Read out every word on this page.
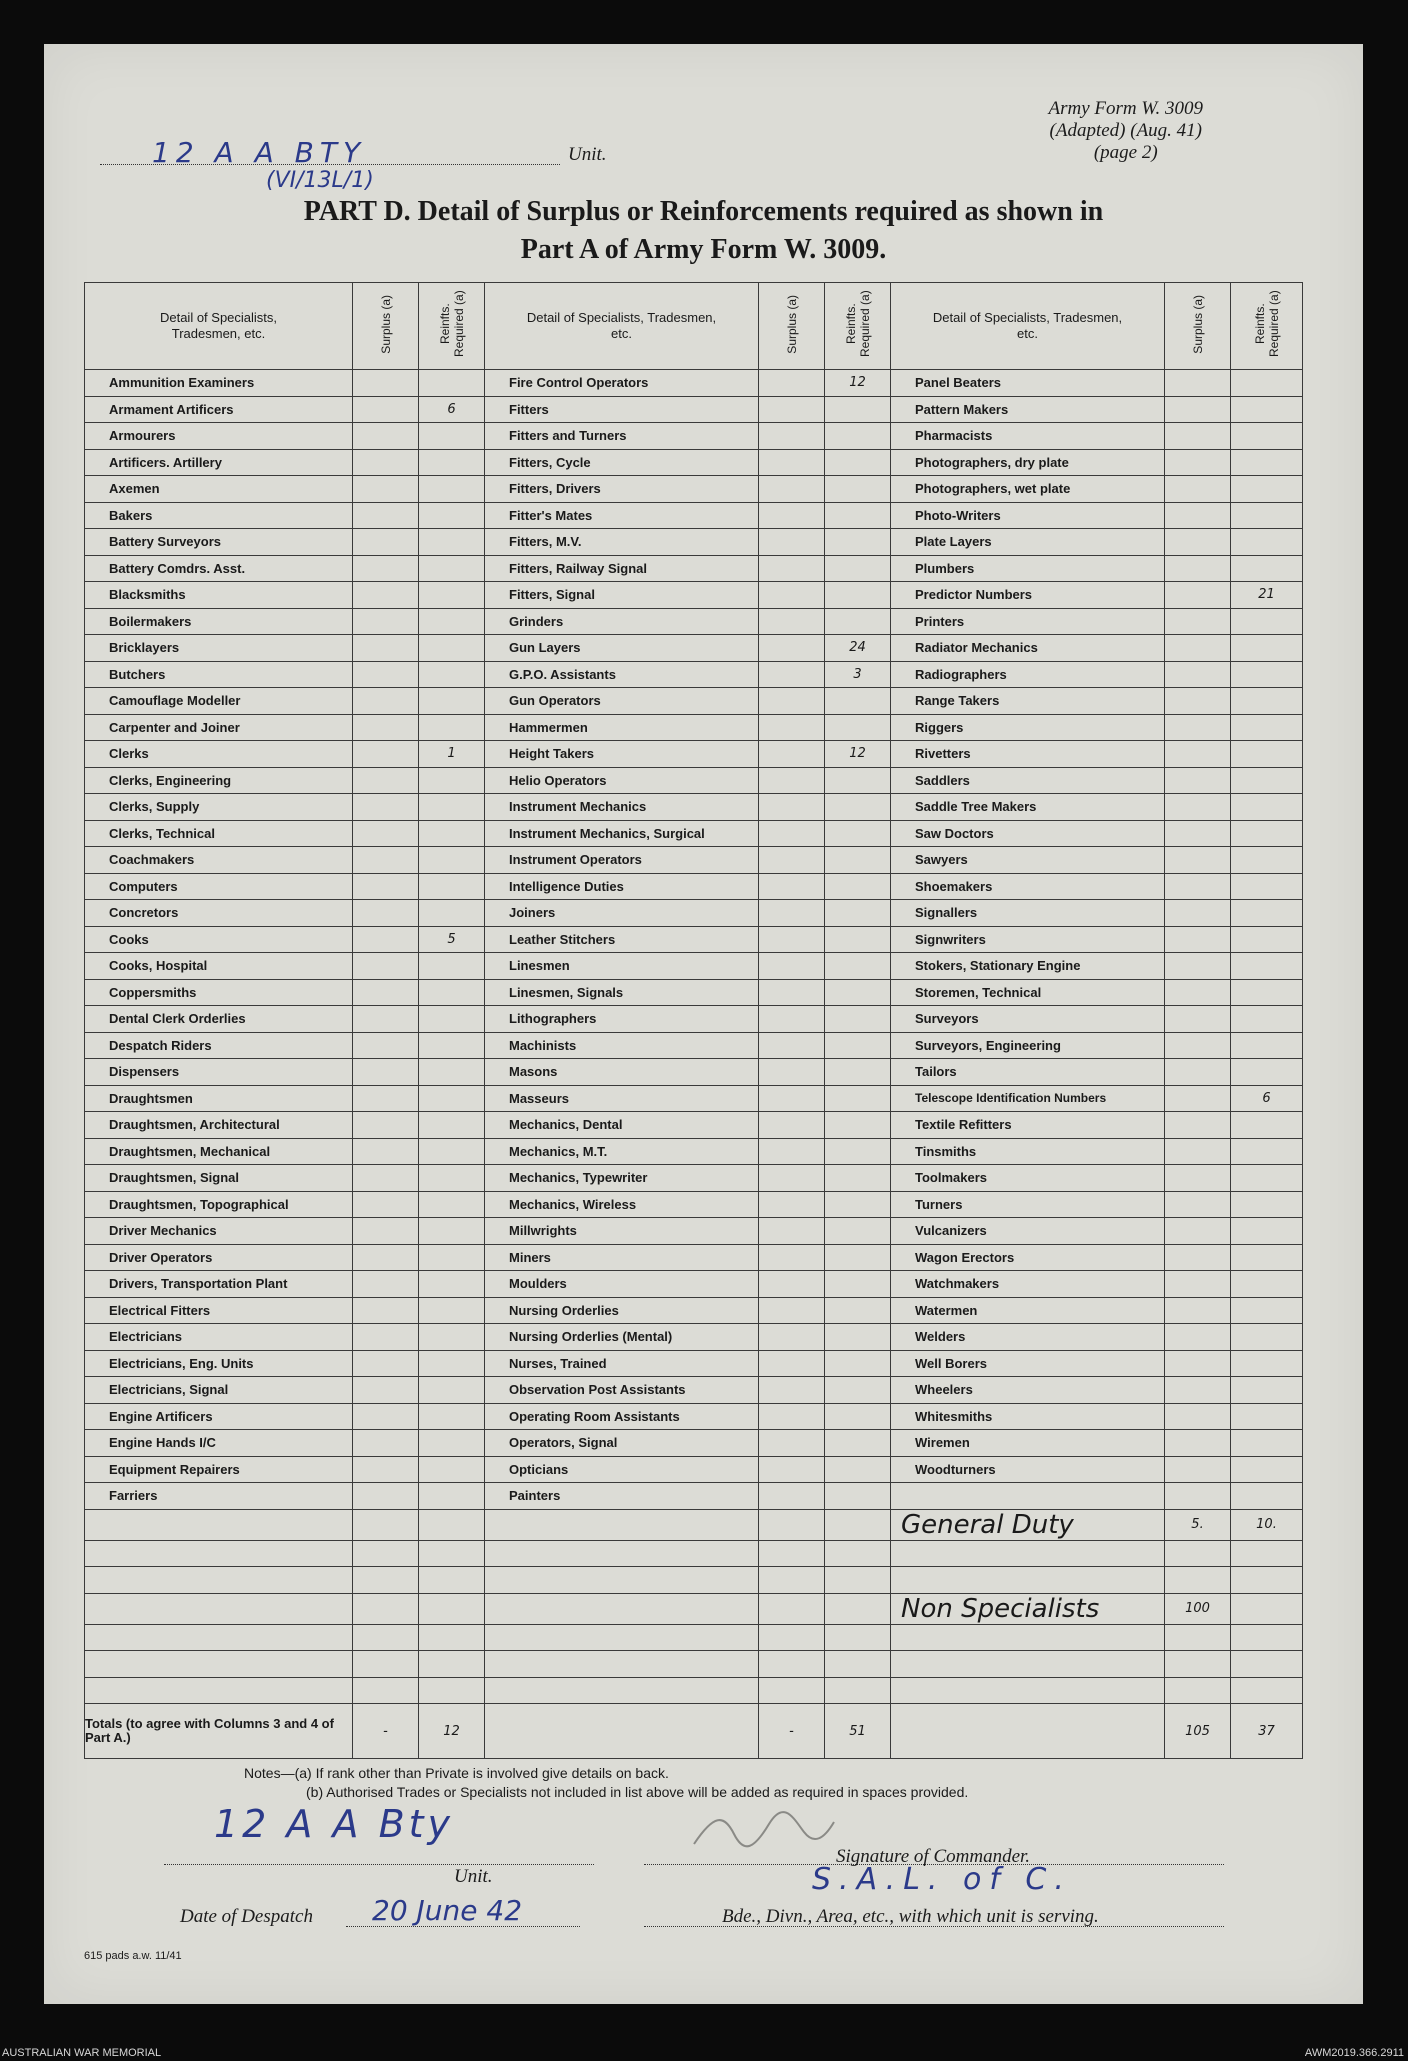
Army Form W. 3009
(Adapted) (Aug. 41)
(page 2)
12 A A BTY
(VI/13L/1)
Unit.
PART D. Detail of Surplus or Reinforcements required as shown in
Part A of Army Form W. 3009.
Detail of Specialists, Tradesmen, etc.	Surplus (a)	Reinfts. Required (a)	Detail of Specialists, Tradesmen, etc.	Surplus (a)	Reinfts. Required (a)	Detail of Specialists, Tradesmen, etc.	Surplus (a)	Reinfts. Required (a)
Ammunition Examiners			Fire Control Operators		12	Panel Beaters		
Armament Artificers		6	Fitters			Pattern Makers		
Armourers			Fitters and Turners			Pharmacists		
Artificers. Artillery			Fitters, Cycle			Photographers, dry plate		
Axemen			Fitters, Drivers			Photographers, wet plate		
Bakers			Fitter's Mates			Photo-Writers		
Battery Surveyors			Fitters, M.V.			Plate Layers		
Battery Comdrs. Asst.			Fitters, Railway Signal			Plumbers		
Blacksmiths			Fitters, Signal			Predictor Numbers		21
Boilermakers			Grinders			Printers		
Bricklayers			Gun Layers		24	Radiator Mechanics		
Butchers			G.P.O. Assistants		3	Radiographers		
Camouflage Modeller			Gun Operators			Range Takers		
Carpenter and Joiner			Hammermen			Riggers		
Clerks		1	Height Takers		12	Rivetters		
Clerks, Engineering			Helio Operators			Saddlers		
Clerks, Supply			Instrument Mechanics			Saddle Tree Makers		
Clerks, Technical			Instrument Mechanics, Surgical			Saw Doctors		
Coachmakers			Instrument Operators			Sawyers		
Computers			Intelligence Duties			Shoemakers		
Concretors			Joiners			Signallers		
Cooks		5	Leather Stitchers			Signwriters		
Cooks, Hospital			Linesmen			Stokers, Stationary Engine		
Coppersmiths			Linesmen, Signals			Storemen, Technical		
Dental Clerk Orderlies			Lithographers			Surveyors		
Despatch Riders			Machinists			Surveyors, Engineering		
Dispensers			Masons			Tailors		
Draughtsmen			Masseurs			Telescope Identification Numbers		6
Draughtsmen, Architectural			Mechanics, Dental			Textile Refitters		
Draughtsmen, Mechanical			Mechanics, M.T.			Tinsmiths		
Draughtsmen, Signal			Mechanics, Typewriter			Toolmakers		
Draughtsmen, Topographical			Mechanics, Wireless			Turners		
Driver Mechanics			Millwrights			Vulcanizers		
Driver Operators			Miners			Wagon Erectors		
Drivers, Transportation Plant			Moulders			Watchmakers		
Electrical Fitters			Nursing Orderlies			Watermen		
Electricians			Nursing Orderlies (Mental)			Welders		
Electricians, Eng. Units			Nurses, Trained			Well Borers		
Electricians, Signal			Observation Post Assistants			Wheelers		
Engine Artificers			Operating Room Assistants			Whitesmiths		
Engine Hands I/C			Operators, Signal			Wiremen		
Equipment Repairers			Opticians			Woodturners		
Farriers			Painters					
						General Duty	5.	10.

						Non Specialists	100	

Totals (to agree with Columns 3 and 4 of Part A.)	-	12		-	51		105	37
Notes—(a) If rank other than Private is involved give details on back.
(b) Authorised Trades or Specialists not included in list above will be added as required in spaces provided.
12 A A Bty
Unit.
Signature of Commander.
Date of Despatch 20 June 42
S.A.L. of C.
Bde., Divn., Area, etc., with which unit is serving.
615 pads a.w. 11/41
AUSTRALIAN WAR MEMORIAL	AWM2019.366.2911
